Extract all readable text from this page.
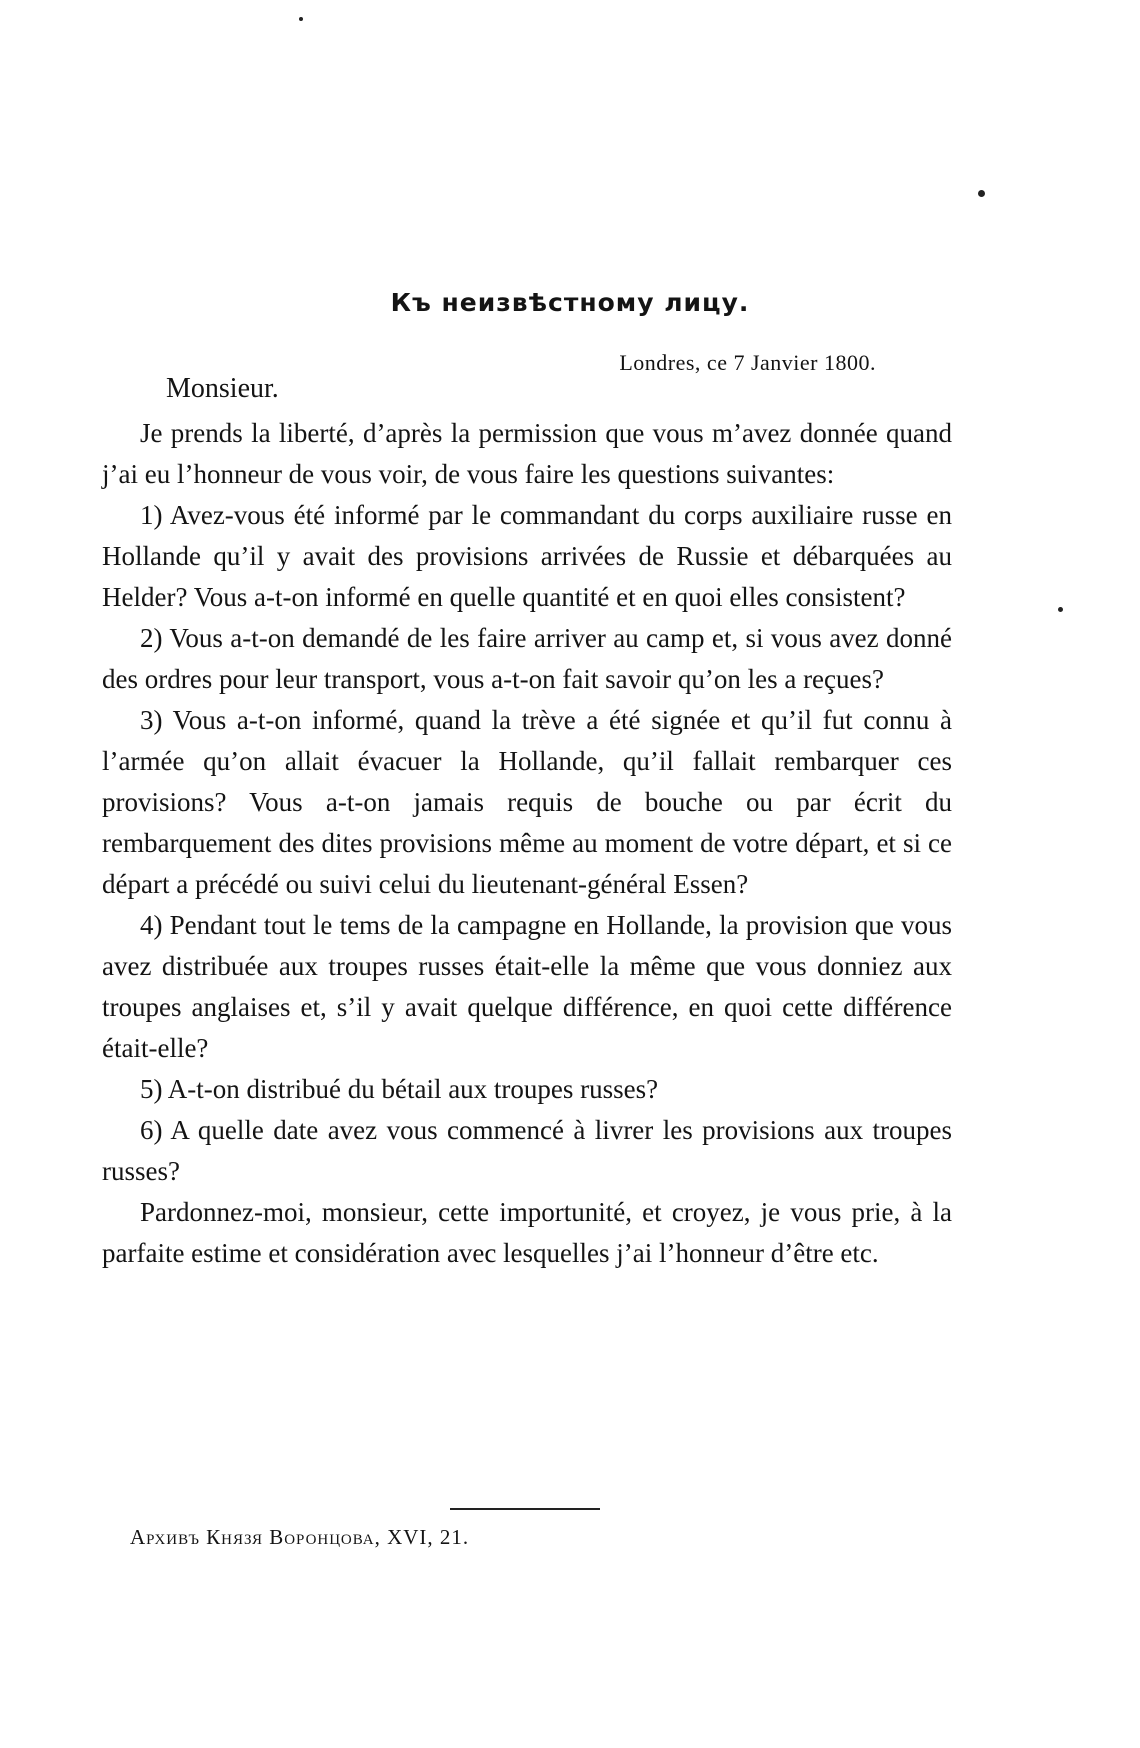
Къ неизвѣстному лицу.
Londres, ce 7 Janvier 1800.
Monsieur.

Je prends la liberté, d’après la permission que vous m’avez donnée quand j’ai eu l’honneur de vous voir, de vous faire les questions suivantes:

1) Avez-vous été informé par le commandant du corps auxiliaire russe en Hollande qu’il y avait des provisions arrivées de Russie et débarquées au Helder? Vous a-t-on informé en quelle quantité et en quoi elles consistent?

2) Vous a-t-on demandé de les faire arriver au camp et, si vous avez donné des ordres pour leur transport, vous a-t-on fait savoir qu’on les a reçues?

3) Vous a-t-on informé, quand la trève a été signée et qu’il fut connu à l’armée qu’on allait évacuer la Hollande, qu’il fallait rembarquer ces provisions? Vous a-t-on jamais requis de bouche ou par écrit du rembarquement des dites provisions même au moment de votre départ, et si ce départ a précédé ou suivi celui du lieutenant-général Essen?

4) Pendant tout le tems de la campagne en Hollande, la provision que vous avez distribuée aux troupes russes était-elle la même que vous donniez aux troupes anglaises et, s’il y avait quelque différence, en quoi cette différence était-elle?

5) A-t-on distribué du bétail aux troupes russes?

6) A quelle date avez vous commencé à livrer les provisions aux troupes russes?

Pardonnez-moi, monsieur, cette importunité, et croyez, je vous prie, à la parfaite estime et considération avec lesquelles j’ai l’honneur d’être etc.

Архивъ Князя Воронцова, XVI, 21.
